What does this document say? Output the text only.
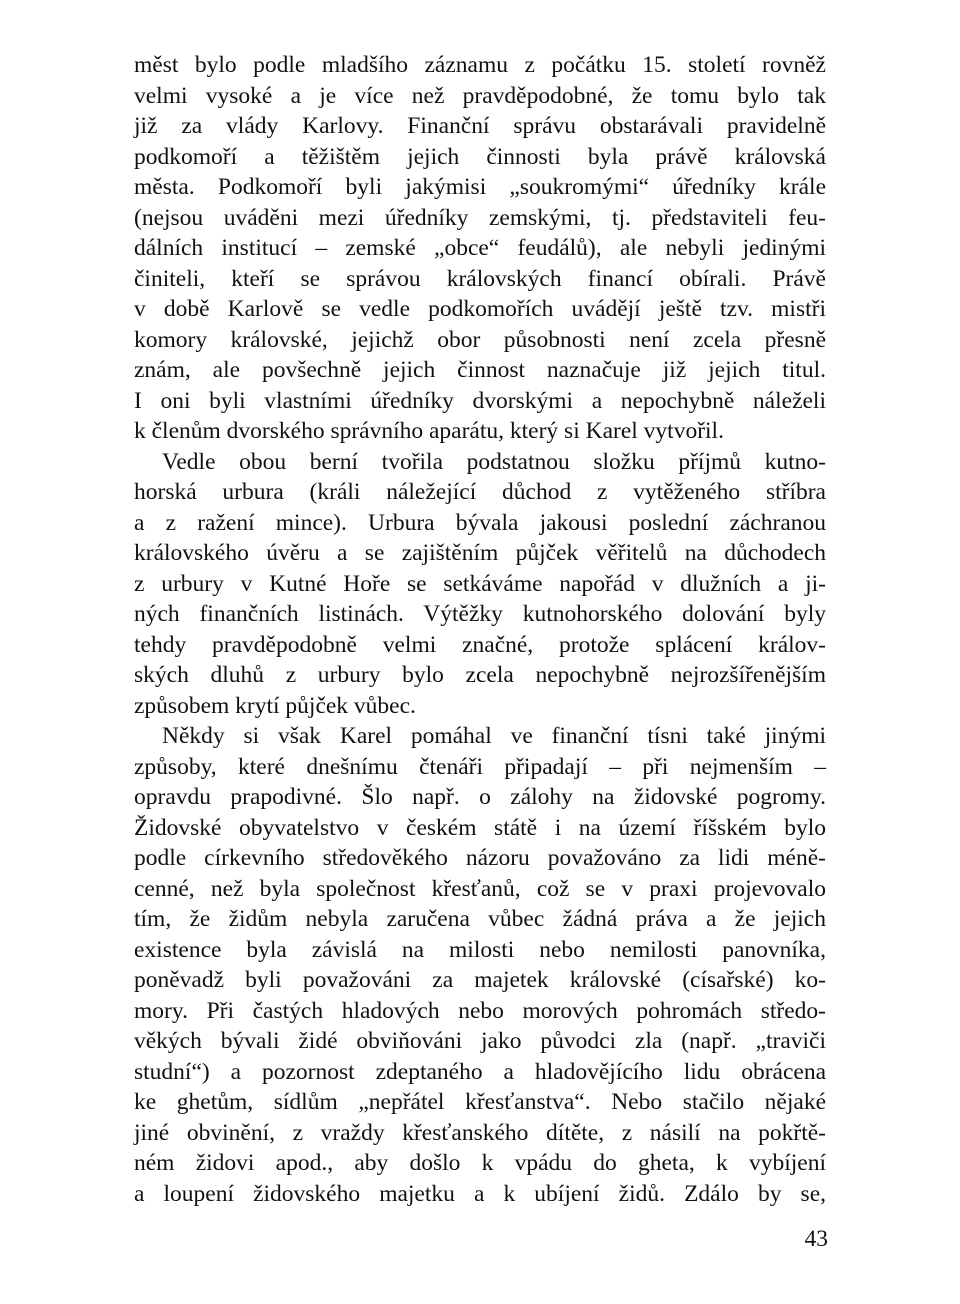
měst bylo podle mladšího záznamu z počátku 15. století rovněž
velmi vysoké a je více než pravděpodobné, že tomu bylo tak
již za vlády Karlovy. Finanční správu obstarávali pravidelně
podkomoří a těžištěm jejich činnosti byla právě královská
města. Podkomoří byli jakýmisi „soukromými“ úředníky krále
(nejsou uváděni mezi úředníky zemskými, tj. představiteli feu-
dálních institucí – zemské „obce“ feudálů), ale nebyli jedinými
činiteli, kteří se správou královských financí obírali. Právě
v době Karlově se vedle podkomořích uvádějí ještě tzv. mistři
komory královské, jejichž obor působnosti není zcela přesně
znám, ale povšechně jejich činnost naznačuje již jejich titul.
I oni byli vlastními úředníky dvorskými a nepochybně náleželi
k členům dvorského správního aparátu, který si Karel vytvořil.
Vedle obou berní tvořila podstatnou složku příjmů kutno-
horská urbura (králi náležející důchod z vytěženého stříbra
a z ražení mince). Urbura bývala jakousi poslední záchranou
královského úvěru a se zajištěním půjček věřitelů na důchodech
z urbury v Kutné Hoře se setkáváme napořád v dlužních a ji-
ných finančních listinách. Výtěžky kutnohorského dolování byly
tehdy pravděpodobně velmi značné, protože splácení králov-
ských dluhů z urbury bylo zcela nepochybně nejrozšířenějším
způsobem krytí půjček vůbec.
Někdy si však Karel pomáhal ve finanční tísni také jinými
způsoby, které dnešnímu čtenáři připadají – při nejmenším –
opravdu prapodivné. Šlo např. o zálohy na židovské pogromy.
Židovské obyvatelstvo v českém státě i na území říšském bylo
podle církevního středověkého názoru považováno za lidi méně-
cenné, než byla společnost křesťanů, což se v praxi projevovalo
tím, že židům nebyla zaručena vůbec žádná práva a že jejich
existence byla závislá na milosti nebo nemilosti panovníka,
poněvadž byli považováni za majetek královské (císařské) ko-
mory. Při častých hladových nebo morových pohromách středo-
věkých bývali židé obviňováni jako původci zla (např. „traviči
studní“) a pozornost zdeptaného a hladovějícího lidu obrácena
ke ghetům, sídlům „nepřátel křesťanstva“. Nebo stačilo nějaké
jiné obvinění, z vraždy křesťanského dítěte, z násilí na pokřtě-
ném židovi apod., aby došlo k vpádu do gheta, k vybíjení
a loupení židovského majetku a k ubíjení židů. Zdálo by se,
43
